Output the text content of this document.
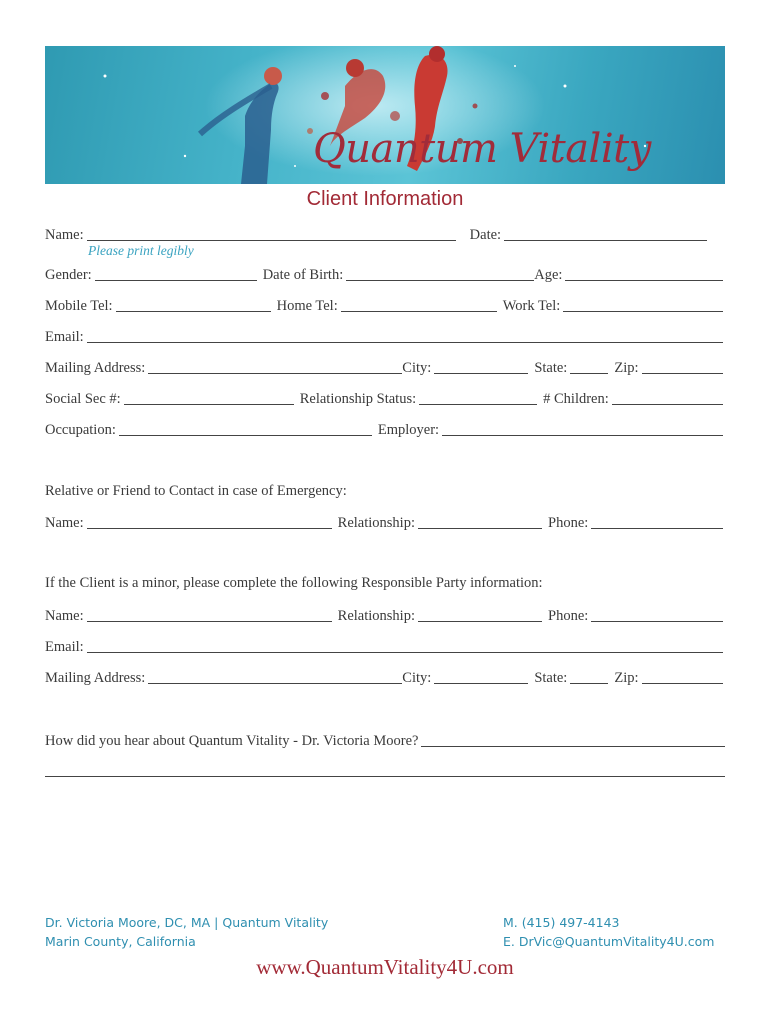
Quantum Vitality
Client Information
Name:	Date:
Please print legibly
Gender:	Date of Birth:	Age:
Mobile Tel:	Home Tel:	Work Tel:
Email:
Mailing Address:	City:	State:	Zip:
Social Sec #:	Relationship Status:	# Children:
Occupation:	Employer:
Relative or Friend to Contact in case of Emergency:
Name:	Relationship:	Phone:
If the Client is a minor, please complete the following Responsible Party information:
Name:	Relationship:	Phone:
Email:
Mailing Address:	City:	State:	Zip:
How did you hear about Quantum Vitality - Dr. Victoria Moore?
Dr. Victoria Moore, DC, MA | Quantum Vitality
Marin County, California
M. (415) 497-4143
E. DrVic@QuantumVitality4U.com
www.QuantumVitality4U.com
